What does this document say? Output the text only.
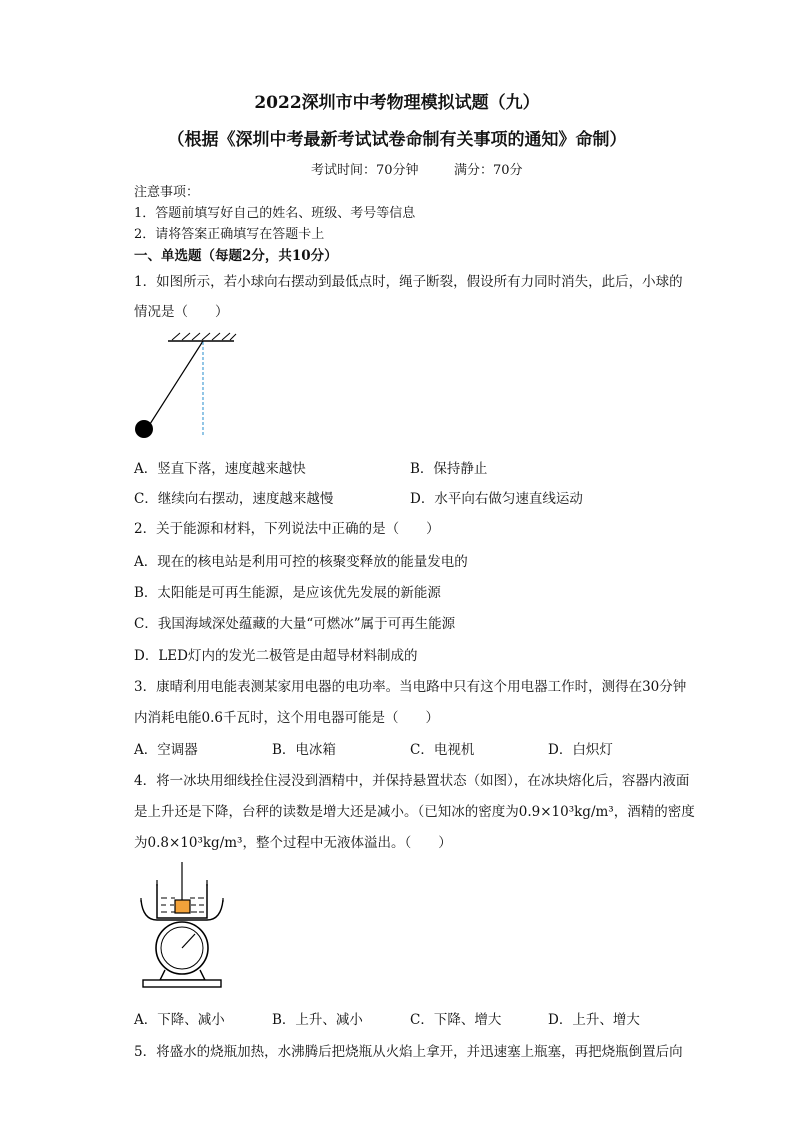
2022深圳市中考物理模拟试题（九）
（根据《深圳中考最新考试试卷命制有关事项的通知》命制）
考试时间：70分钟	满分：70分
注意事项：
1．答题前填写好自己的姓名、班级、考号等信息
2．请将答案正确填写在答题卡上
一、单选题（每题2分，共10分）
1．如图所示，若小球向右摆动到最低点时，绳子断裂，假设所有力同时消失，此后，小球的
情况是（　　）
A．竖直下落，速度越来越快	B．保持静止
C．继续向右摆动，速度越来越慢	D．水平向右做匀速直线运动
2．关于能源和材料，下列说法中正确的是（　　）
A．现在的核电站是利用可控的核聚变释放的能量发电的
B．太阳能是可再生能源，是应该优先发展的新能源
C．我国海域深处蕴藏的大量“可燃冰”属于可再生能源
D．LED灯内的发光二极管是由超导材料制成的
3．康晴利用电能表测某家用电器的电功率。当电路中只有这个用电器工作时，测得在30分钟
内消耗电能0.6千瓦时，这个用电器可能是（　　）
A．空调器	B．电冰箱	C．电视机	D．白炽灯
4．将一冰块用细线拴住浸没到酒精中，并保持悬置状态（如图），在冰块熔化后，容器内液面
是上升还是下降，台秤的读数是增大还是减小。（已知冰的密度为0.9×10³kg/m³，酒精的密度
为0.8×10³kg/m³，整个过程中无液体溢出。（　　）
A．下降、减小	B．上升、减小	C．下降、增大	D．上升、增大
5．将盛水的烧瓶加热，水沸腾后把烧瓶从火焰上拿开，并迅速塞上瓶塞，再把烧瓶倒置后向
